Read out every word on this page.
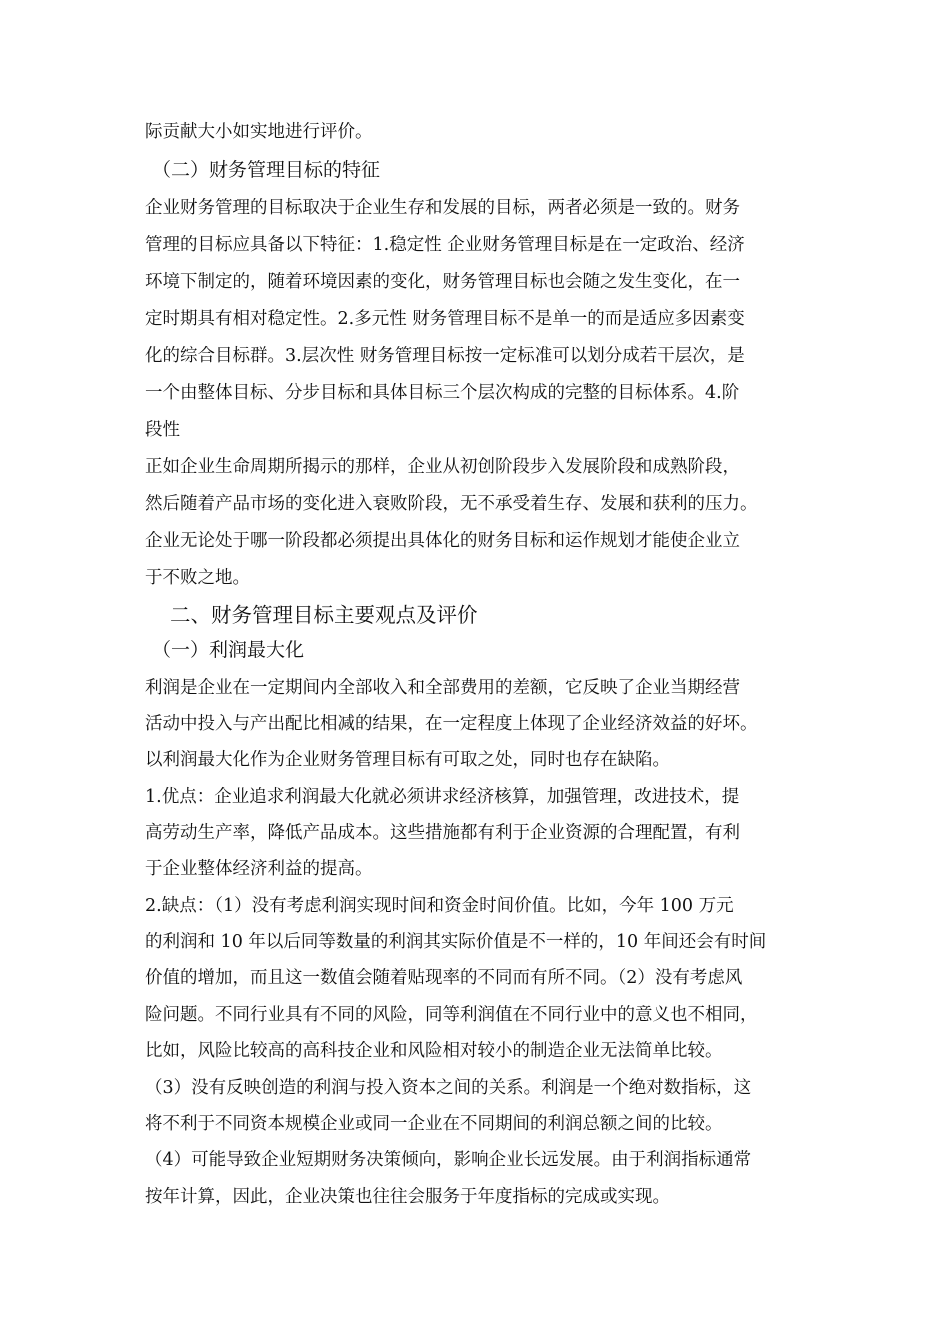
际贡献大小如实地进行评价。
（二）财务管理目标的特征
企业财务管理的目标取决于企业生存和发展的目标，两者必须是一致的。财务
管理的目标应具备以下特征：1.稳定性 企业财务管理目标是在一定政治、经济
环境下制定的，随着环境因素的变化，财务管理目标也会随之发生变化，在一
定时期具有相对稳定性。2.多元性 财务管理目标不是单一的而是适应多因素变
化的综合目标群。3.层次性 财务管理目标按一定标准可以划分成若干层次，是
一个由整体目标、分步目标和具体目标三个层次构成的完整的目标体系。4.阶
段性
正如企业生命周期所揭示的那样，企业从初创阶段步入发展阶段和成熟阶段，
然后随着产品市场的变化进入衰败阶段，无不承受着生存、发展和获利的压力。
企业无论处于哪一阶段都必须提出具体化的财务目标和运作规划才能使企业立
于不败之地。
二、财务管理目标主要观点及评价
（一）利润最大化
利润是企业在一定期间内全部收入和全部费用的差额，它反映了企业当期经营
活动中投入与产出配比相减的结果，在一定程度上体现了企业经济效益的好坏。
以利润最大化作为企业财务管理目标有可取之处，同时也存在缺陷。
1.优点：企业追求利润最大化就必须讲求经济核算，加强管理，改进技术，提
高劳动生产率，降低产品成本。这些措施都有利于企业资源的合理配置，有利
于企业整体经济利益的提高。
2.缺点：（1）没有考虑利润实现时间和资金时间价值。比如，今年 100 万元
的利润和 10 年以后同等数量的利润其实际价值是不一样的，10 年间还会有时间
价值的增加，而且这一数值会随着贴现率的不同而有所不同。（2）没有考虑风
险问题。不同行业具有不同的风险，同等利润值在不同行业中的意义也不相同，
比如，风险比较高的高科技企业和风险相对较小的制造企业无法简单比较。
（3）没有反映创造的利润与投入资本之间的关系。利润是一个绝对数指标，这
将不利于不同资本规模企业或同一企业在不同期间的利润总额之间的比较。
（4）可能导致企业短期财务决策倾向，影响企业长远发展。由于利润指标通常
按年计算，因此，企业决策也往往会服务于年度指标的完成或实现。
